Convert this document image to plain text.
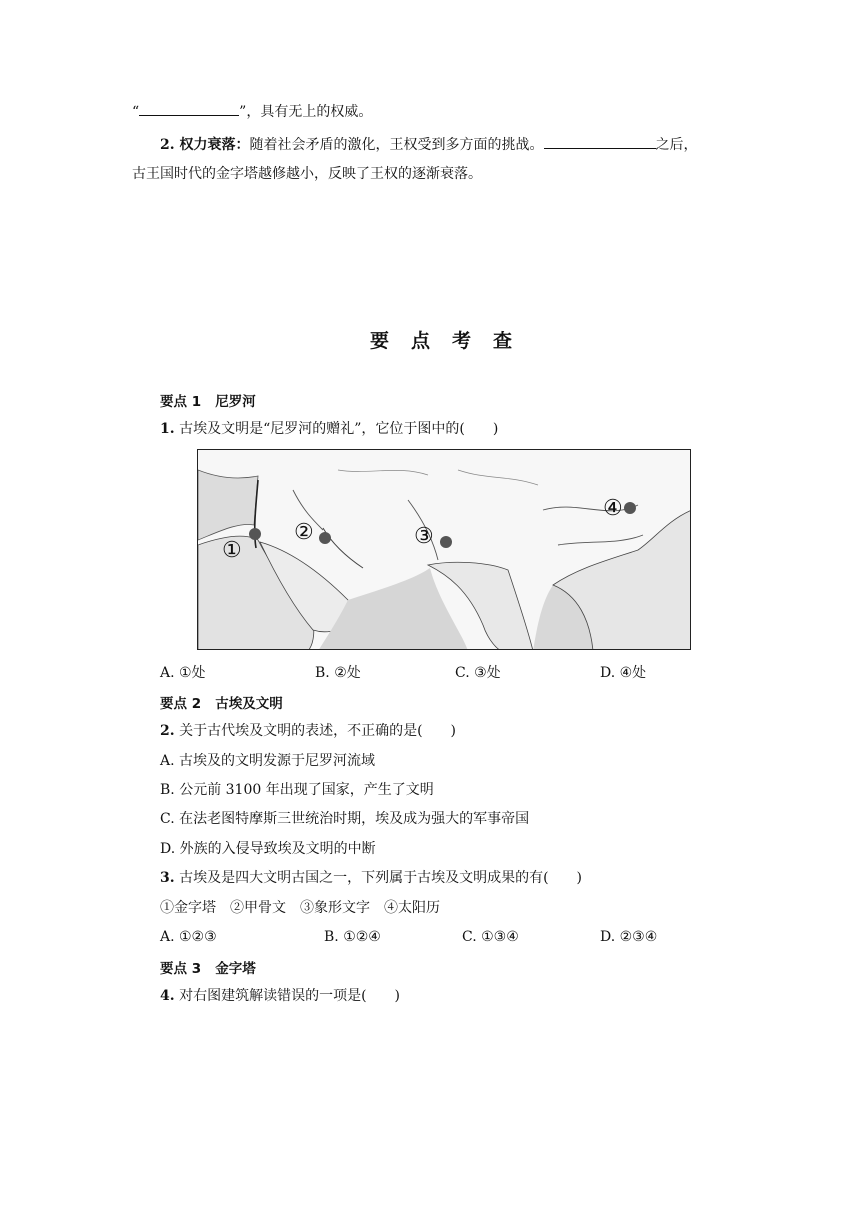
“	”，具有无上的权威。
2. 权力衰落：随着社会矛盾的激化，王权受到多方面的挑战。	之后，
古王国时代的金字塔越修越小，反映了王权的逐渐衰落。
要点考查
要点 1 尼罗河
1. 古埃及文明是“尼罗河的赠礼”，它位于图中的(　　)
①
②	③
④
A. ①处	B. ②处	C. ③处	D. ④处
要点 2 古埃及文明
2. 关于古代埃及文明的表述，不正确的是(　　)
A. 古埃及的文明发源于尼罗河流域
B. 公元前 3100 年出现了国家，产生了文明
C. 在法老图特摩斯三世统治时期，埃及成为强大的军事帝国
D. 外族的入侵导致埃及文明的中断
3. 古埃及是四大文明古国之一，下列属于古埃及文明成果的有(　　)
①金字塔　②甲骨文　③象形文字　④太阳历
A. ①②③	B. ①②④	C. ①③④	D. ②③④
要点 3 金字塔
4. 对右图建筑解读错误的一项是(　　)
